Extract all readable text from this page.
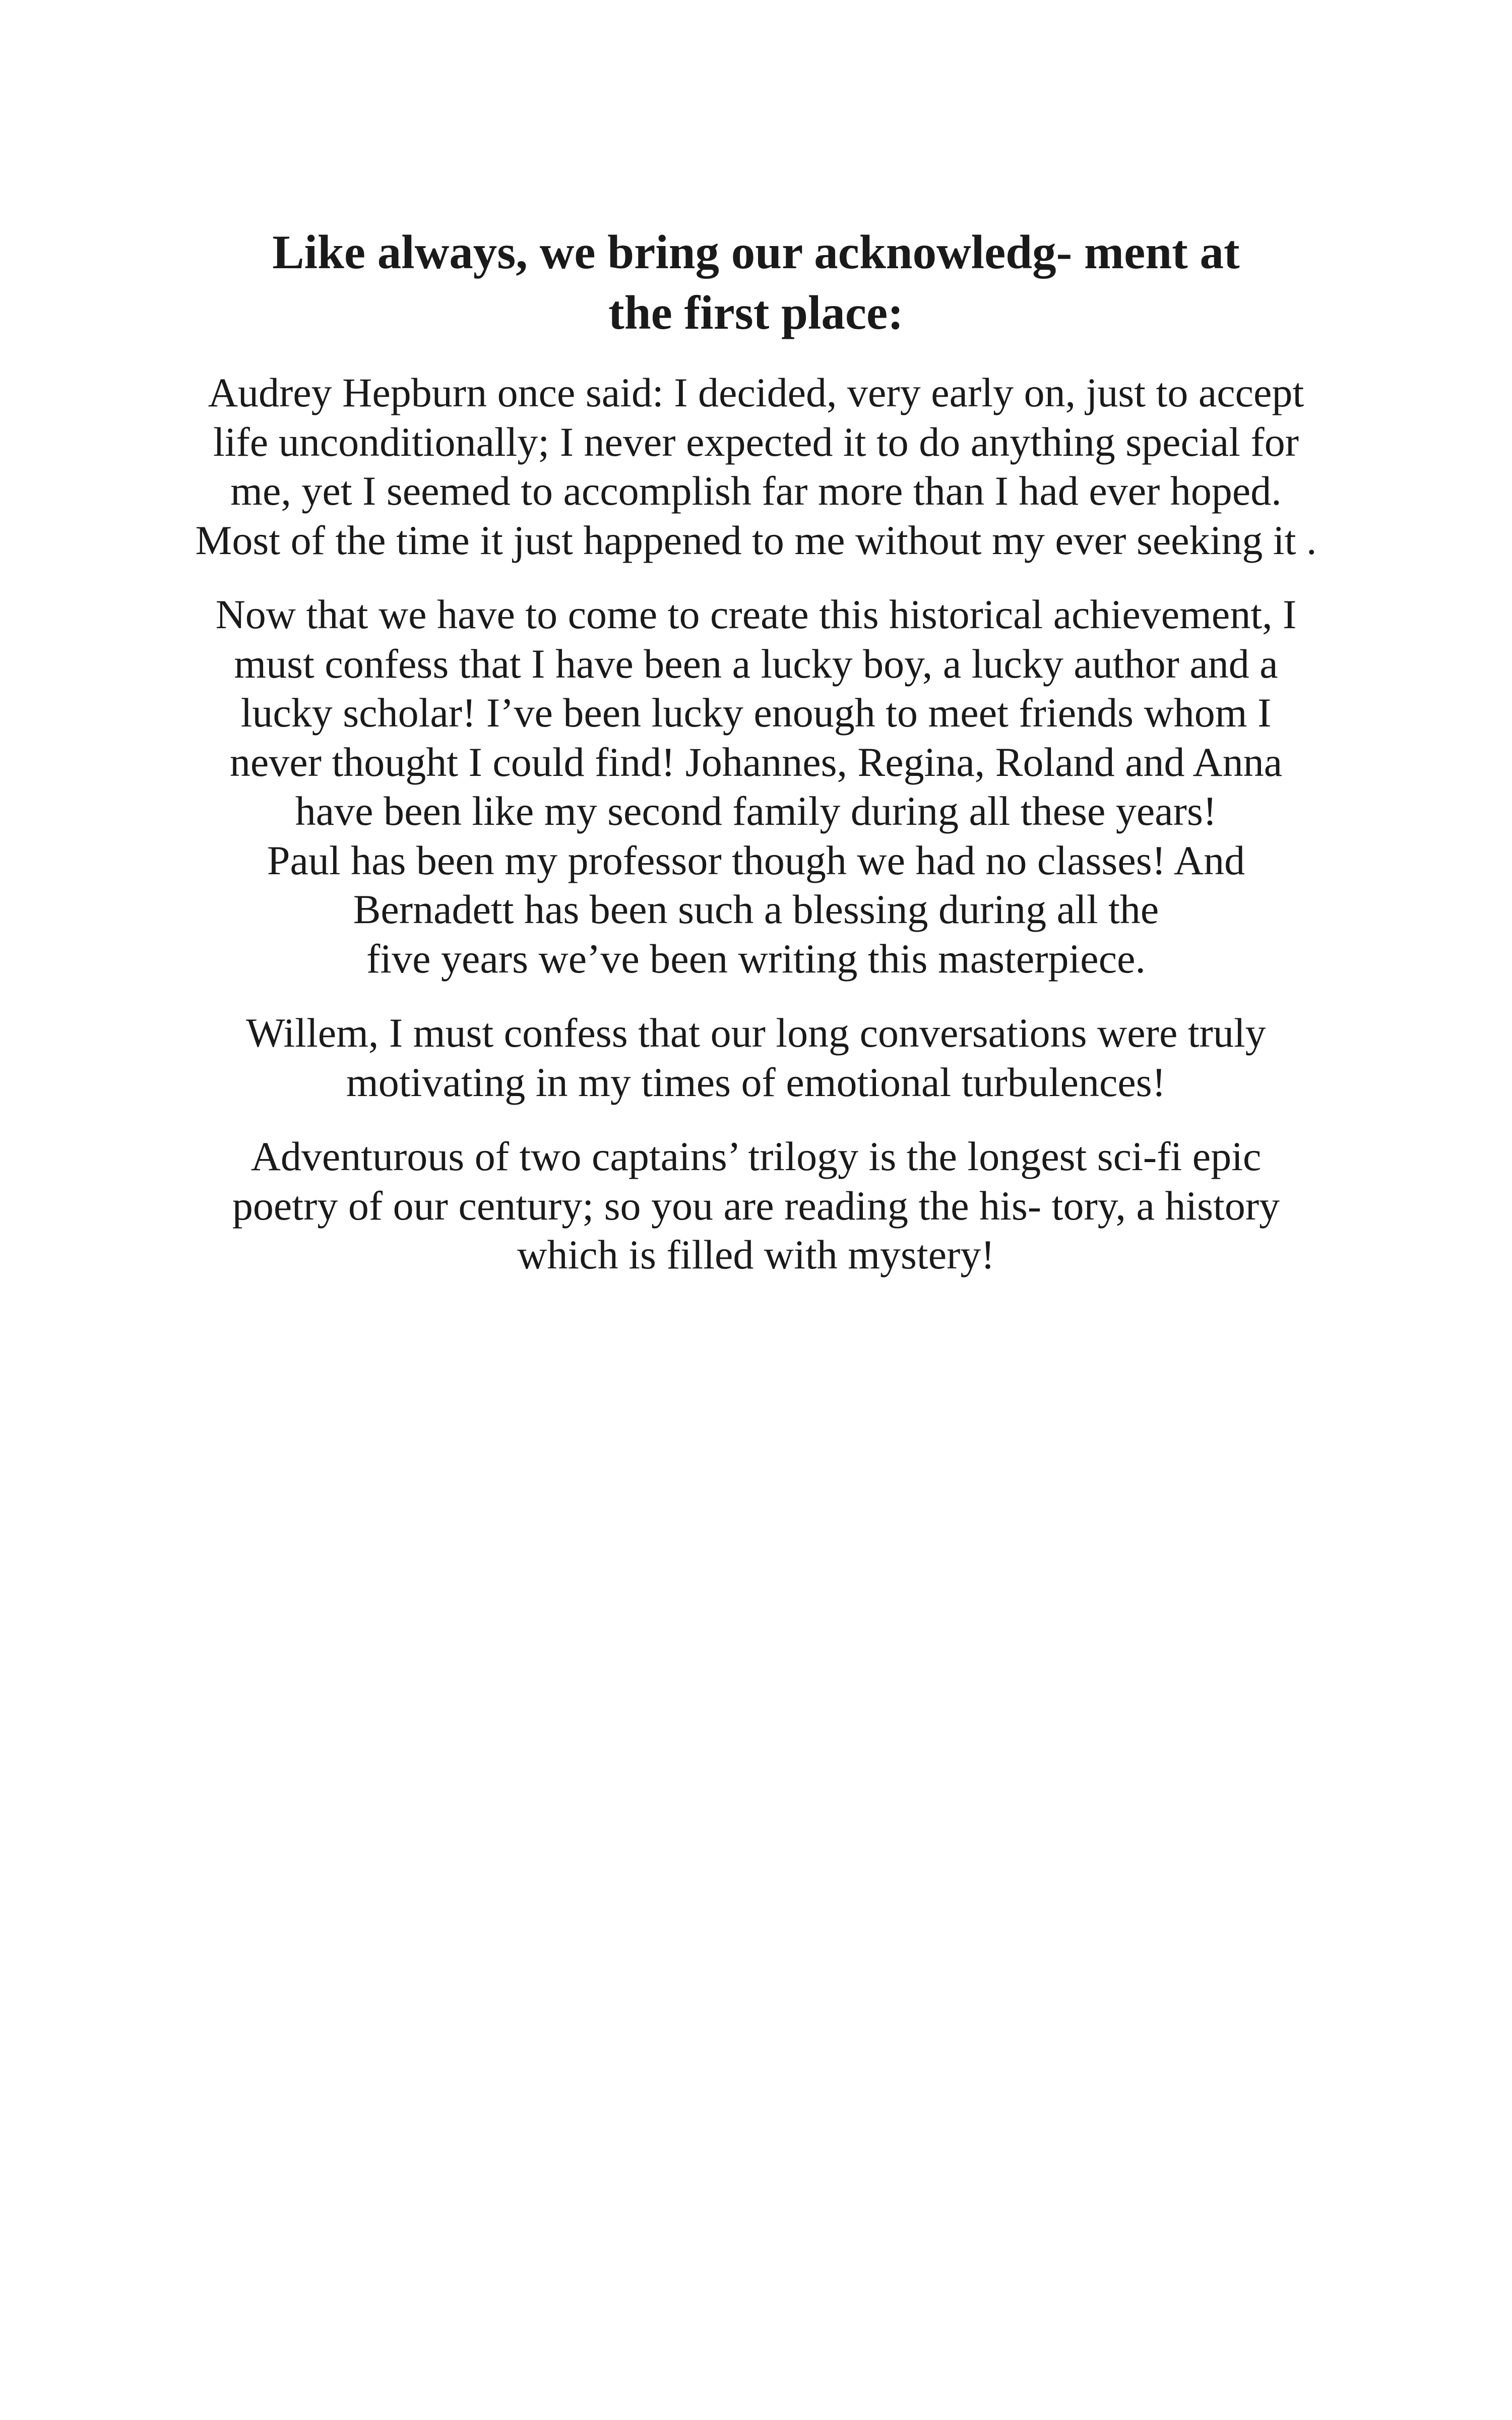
Like always, we bring our acknowledg- ment at
the first place:

Audrey Hepburn once said: I decided, very early on, just to accept
life unconditionally; I never expected it to do anything special for
me, yet I seemed to accomplish far more than I had ever hoped.
Most of the time it just happened to me without my ever seeking it .

Now that we have to come to create this historical achievement, I
must confess that I have been a lucky boy, a lucky author and a
lucky scholar! I’ve been lucky enough to meet friends whom I
never thought I could find! Johannes, Regina, Roland and Anna
have been like my second family during all these years!
Paul has been my professor though we had no classes! And
Bernadett has been such a blessing during all the
five years we’ve been writing this masterpiece.

Willem, I must confess that our long conversations were truly
motivating in my times of emotional turbulences!

Adventurous of two captains’ trilogy is the longest sci-fi epic
poetry of our century; so you are reading the his- tory, a history
which is filled with mystery!
